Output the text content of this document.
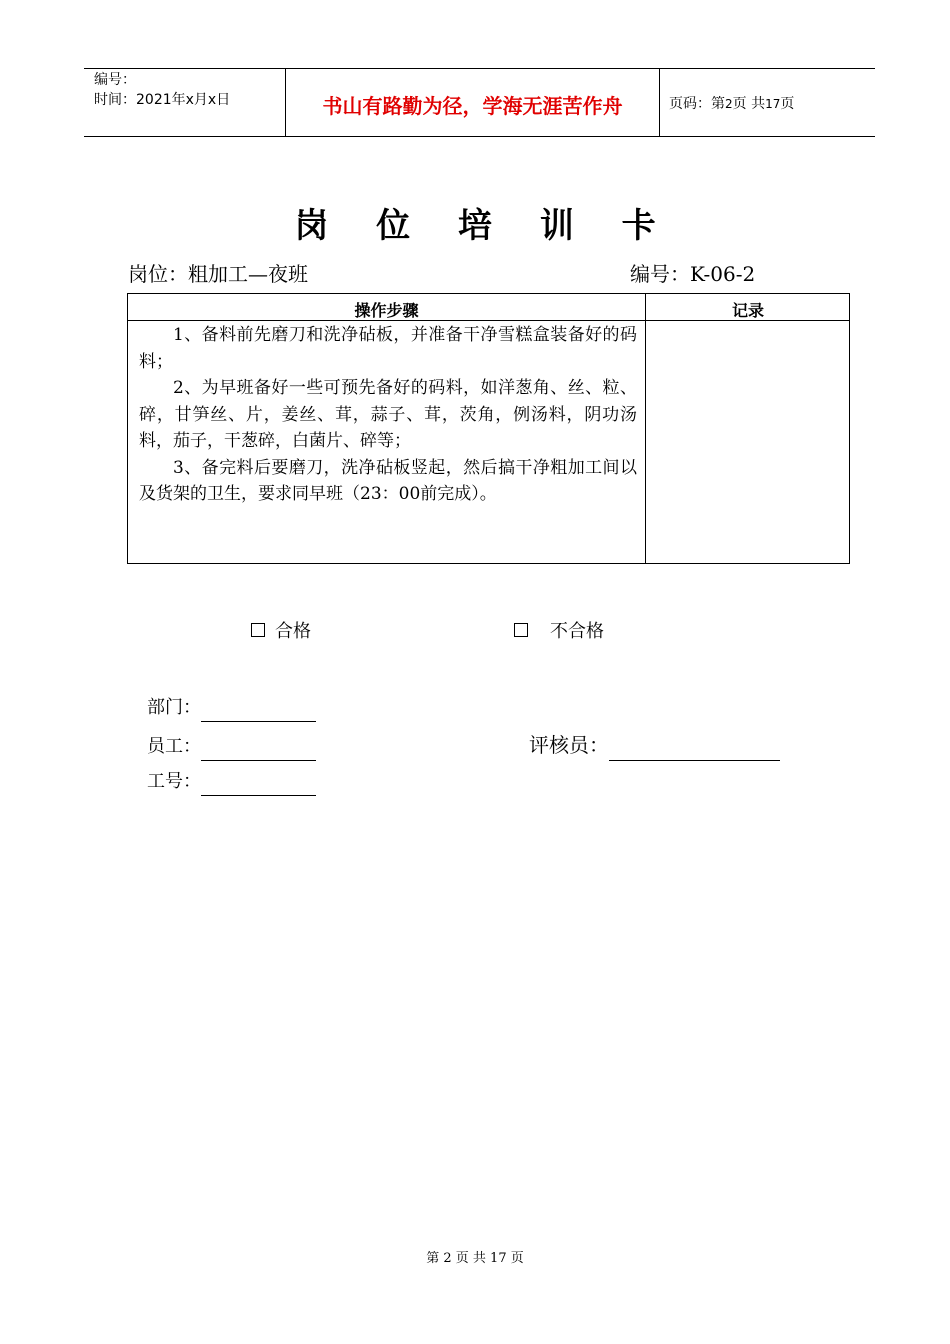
编号：
时间：2021年x月x日	书山有路勤为径，学海无涯苦作舟	页码：第2页 共17页
岗 位 培 训 卡
岗位：粗加工—夜班	编号：K-06-2
操作步骤	记录

1、备料前先磨刀和洗净砧板，并准备干净雪糕盒装备好的码料；

2、为早班备好一些可预先备好的码料，如洋葱角、丝、粒、碎，甘笋丝、片，姜丝、茸，蒜子、茸，茨角，例汤料，阴功汤料，茄子，干葱碎，白菌片、碎等；

3、备完料后要磨刀，洗净砧板竖起，然后搞干净粗加工间以及货架的卫生，要求同早班（23：00前完成）。

合格	不合格
部门：
员工：	评核员：
工号：
第 2 页 共 17 页
